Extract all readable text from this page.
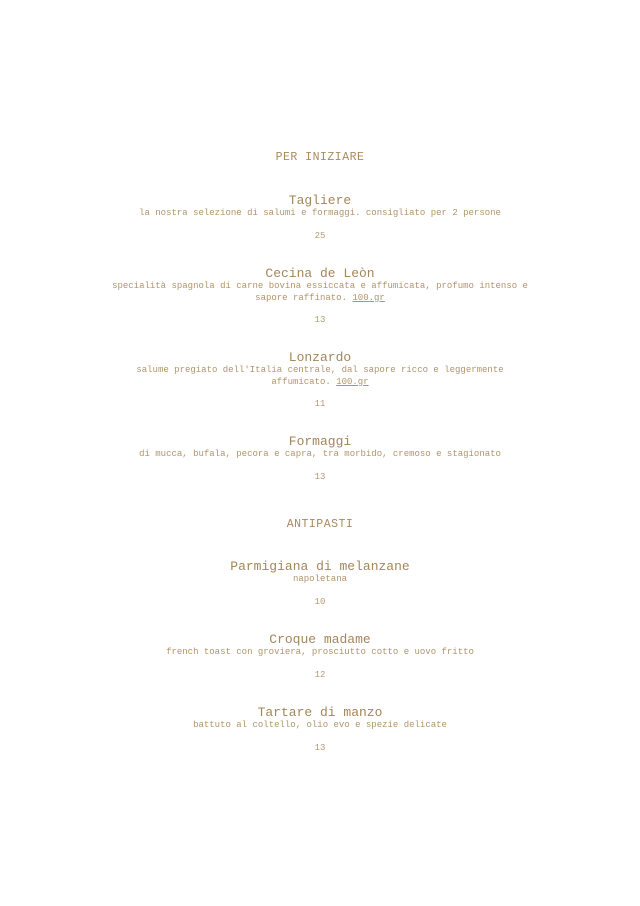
PER INIZIARE
Tagliere
la nostra selezione di salumi e formaggi. consigliato per 2 persone
25
Cecina de Leòn
specialità spagnola di carne bovina essiccata e affumicata, profumo intenso e sapore raffinato. 100.gr
13
Lonzardo
salume pregiato dell'Italia centrale, dal sapore ricco e leggermente affumicato. 100.gr
11
Formaggi
di mucca, bufala, pecora e capra, tra morbido, cremoso e stagionato
13
ANTIPASTI
Parmigiana di melanzane
napoletana
10
Croque madame
french toast con groviera, prosciutto cotto e uovo fritto
12
Tartare di manzo
battuto al coltello, olio evo e spezie delicate
13
